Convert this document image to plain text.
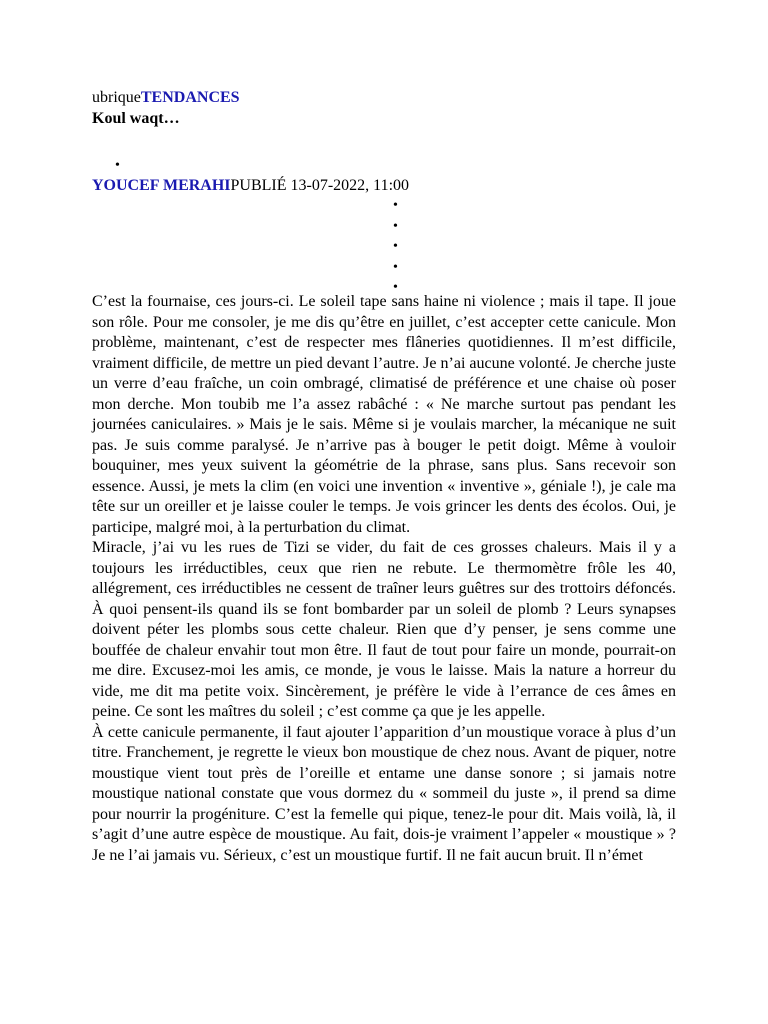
ubriqueTENDANCES
Koul waqt…
•
YOUCEF MERAHIPUBLIÉ 13-07-2022, 11:00
•
•
•
•
•

C’est la fournaise, ces jours-ci. Le soleil tape sans haine ni violence ; mais il tape. Il joue son rôle. Pour me consoler, je me dis qu’être en juillet, c’est accepter cette canicule. Mon problème, maintenant, c’est de respecter mes flâneries quotidiennes. Il m’est difficile, vraiment difficile, de mettre un pied devant l’autre. Je n’ai aucune volonté. Je cherche juste un verre d’eau fraîche, un coin ombragé, climatisé de préférence et une chaise où poser mon derche. Mon toubib me l’a assez rabâché : « Ne marche surtout pas pendant les journées caniculaires. » Mais je le sais. Même si je voulais marcher, la mécanique ne suit pas. Je suis comme paralysé. Je n’arrive pas à bouger le petit doigt. Même à vouloir bouquiner, mes yeux suivent la géométrie de la phrase, sans plus. Sans recevoir son essence. Aussi, je mets la clim (en voici une invention « inventive », géniale !), je cale ma tête sur un oreiller et je laisse couler le temps. Je vois grincer les dents des écolos. Oui, je participe, malgré moi, à la perturbation du climat.

Miracle, j’ai vu les rues de Tizi se vider, du fait de ces grosses chaleurs. Mais il y a toujours les irréductibles, ceux que rien ne rebute. Le thermomètre frôle les 40, allégrement, ces irréductibles ne cessent de traîner leurs guêtres sur des trottoirs défoncés. À quoi pensent-ils quand ils se font bombarder par un soleil de plomb ? Leurs synapses doivent péter les plombs sous cette chaleur. Rien que d’y penser, je sens comme une bouffée de chaleur envahir tout mon être. Il faut de tout pour faire un monde, pourrait-on me dire. Excusez-moi les amis, ce monde, je vous le laisse. Mais la nature a horreur du vide, me dit ma petite voix. Sincèrement, je préfère le vide à l’errance de ces âmes en peine. Ce sont les maîtres du soleil ; c’est comme ça que je les appelle.

À cette canicule permanente, il faut ajouter l’apparition d’un moustique vorace à plus d’un titre. Franchement, je regrette le vieux bon moustique de chez nous. Avant de piquer, notre moustique vient tout près de l’oreille et entame une danse sonore ; si jamais notre moustique national constate que vous dormez du « sommeil du juste », il prend sa dime pour nourrir la progéniture. C’est la femelle qui pique, tenez-le pour dit. Mais voilà, là, il s’agit d’une autre espèce de moustique. Au fait, dois-je vraiment l’appeler « moustique » ? Je ne l’ai jamais vu. Sérieux, c’est un moustique furtif. Il ne fait aucun bruit. Il n’émet
